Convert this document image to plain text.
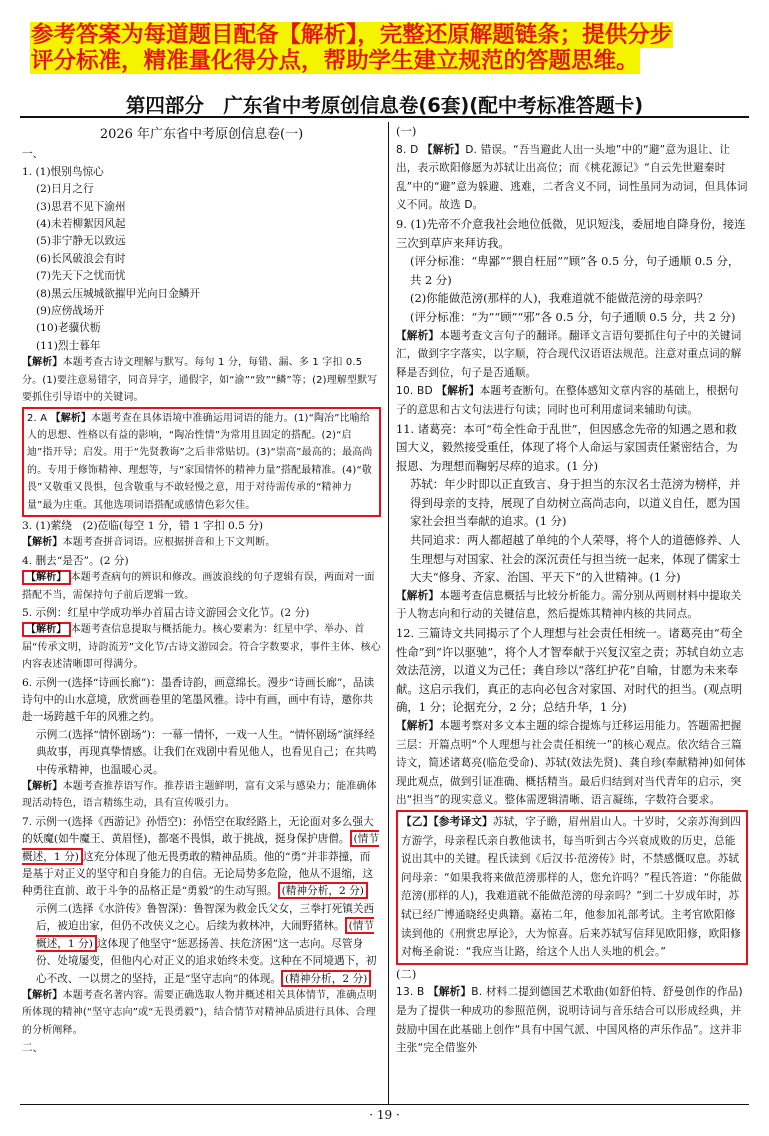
参考答案为每道题目配备【解析】，完整还原解题链条；提供分步
评分标准，精准量化得分点，帮助学生建立规范的答题思维。
第四部分　广东省中考原创信息卷(6套)(配中考标准答题卡)
2026 年广东省中考原创信息卷(一)

一、

1. (1)恨别鸟惊心

(2)日月之行

(3)思君不见下渝州

(4)未若柳絮因风起

(5)非宁静无以致远

(6)长风破浪会有时

(7)先天下之忧而忧

(8)黑云压城城欲摧甲光向日金鳞开

(9)应傍战场开

(10)老骥伏枥

(11)烈士暮年

【解析】本题考查古诗文理解与默写。每句 1 分，每错、漏、多 1 字扣 0.5 分。(1)要注意易错字，同音异字，通假字，如“渝”“致”“鳞”等；(2)理解型默写要抓住引导语中的关键词。

2. A 【解析】本题考查在具体语境中准确运用词语的能力。(1)“陶冶”比喻给人的思想、性格以有益的影响，“陶冶性情”为常用且固定的搭配。(2)“启迪”指开导；启发。用于“先贤教诲”之后非常贴切。(3)“崇高”最高的；最高尚的。专用于修饰精神、理想等，与“家国情怀的精神力量”搭配最精准。(4)“敬畏”又敬重又畏惧，包含敬重与不敢轻慢之意，用于对待需传承的“精神力量”最为庄重。其他选项词语搭配或感情色彩欠佳。

3. (1)萦绕　(2)莅临(每空 1 分，错 1 字扣 0.5 分)

【解析】本题考查拼音词语。应根据拼音和上下文判断。

4. 删去“是否”。(2 分)

【解析】 本题考查病句的辨识和修改。画波浪线的句子逻辑有误，两面对一面搭配不当，需保持句子前后逻辑一致。

5. 示例：红星中学成功举办首届古诗文游园会文化节。(2 分)

【解析】 本题考查信息提取与概括能力。核心要素为：红星中学、举办、首届“传承文明，诗韵流芳”文化节/古诗文游园会。符合字数要求，事件主体、核心内容表述清晰即可得满分。

6. 示例一(选择“诗画长廊”)：墨香诗韵，画意绵长。漫步“诗画长廊”，品读诗句中的山水意境，欣赏画卷里的笔墨风雅。诗中有画，画中有诗，邀你共赴一场跨越千年的风雅之约。

示例二(选择“情怀剧场”)：一幕一情怀，一戏一人生。“情怀剧场”演绎经典故事，再现真挚情感。让我们在戏剧中看见他人，也看见自己；在共鸣中传承精神，也温暖心灵。

【解析】本题考查推荐语写作。推荐语主题鲜明，富有文采与感染力；能准确体现活动特色，语言精练生动，具有宣传吸引力。

7. 示例一(选择《西游记》孙悟空)：孙悟空在取经路上，无论面对多么强大的妖魔(如牛魔王、黄眉怪)，都毫不畏惧，敢于挑战，挺身保护唐僧。 (情节概述，1 分) 这充分体现了他无畏勇敢的精神品质。他的“勇”并非莽撞，而是基于对正义的坚守和自身能力的自信。无论局势多危险，他从不退缩，这种勇往直前、敢于斗争的品格正是“勇毅”的生动写照。 (精神分析，2 分)

示例二(选择《水浒传》鲁智深)：鲁智深为救金氏父女，三拳打死镇关西后，被迫出家，但仍不改侠义之心。后续为救林冲，大闹野猪林。 (情节概述，1 分) 这体现了他坚守“惩恶扬善、扶危济困”这一志向。尽管身份、处境屡变，但他内心对正义的追求始终未变。这种在不同境遇下，初心不改、一以贯之的坚持，正是“坚守志向”的体现。 (精神分析，2 分)

【解析】本题考查名著内容。需要正确选取人物并概述相关具体情节，准确点明所体现的精神(“坚守志向”或“无畏勇毅”)，结合情节对精神品质进行具体、合理的分析阐释。

二、

(一)

8. D 【解析】D. 错误。“吾当避此人出一头地”中的“避”意为退让、让出，表示欧阳修愿为苏轼让出高位；而《桃花源记》“自云先世避秦时乱”中的“避”意为躲避、逃难，二者含义不同，词性虽同为动词，但具体词义不同。故选 D。

9. (1)先帝不介意我社会地位低微，见识短浅，委屈地自降身份，接连三次到草庐来拜访我。

(评分标准：“卑鄙”“猥自枉屈”“顾”各 0.5 分，句子通顺 0.5 分，共 2 分)

(2)你能做范滂(那样的人)，我难道就不能做范滂的母亲吗？

(评分标准：“为”“顾”“邪”各 0.5 分，句子通顺 0.5 分，共 2 分)

【解析】本题考查文言句子的翻译。翻译文言语句要抓住句子中的关键词汇，做到字字落实，以字顺，符合现代汉语语法规范。注意对重点词的解释是否到位，句子是否通顺。

10. BD 【解析】本题考查断句。在整体感知文章内容的基础上，根据句子的意思和古文句法进行句读；同时也可利用虚词来辅助句读。

11. 诸葛亮：本可“苟全性命于乱世”，但因感念先帝的知遇之恩和救国大义，毅然接受重任，体现了将个人命运与家国责任紧密结合，为报恩、为理想而鞠躬尽瘁的追求。(1 分)

苏轼：年少时即以正直致言、身于担当的东汉名士范滂为榜样，并得到母亲的支持，展现了自幼树立高尚志向，以道义自任，愿为国家社会担当奉献的追求。(1 分)

共同追求：两人都超越了单纯的个人荣辱，将个人的道德修养、人生理想与对国家、社会的深沉责任与担当统一起来，体现了儒家士大夫“修身、齐家、治国、平天下”的入世精神。(1 分)

【解析】本题考查信息概括与比较分析能力。需分别从两则材料中提取关于人物志向和行动的关键信息，然后提炼其精神内核的共同点。

12. 三篇诗文共同揭示了个人理想与社会责任相统一。诸葛亮由“苟全性命”到“许以驱驰”，将个人才智奉献于兴复汉室之责；苏轼自幼立志效法范滂，以道义为己任；龚自珍以“落红护花”自喻，甘愿为未来奉献。这启示我们，真正的志向必包含对家国、对时代的担当。(观点明确，1 分；论据充分，2 分；总结升华，1 分)

【解析】本题考察对多文本主题的综合提炼与迁移运用能力。答题需把握三层：开篇点明“个人理想与社会责任相统一”的核心观点。依次结合三篇诗文，简述诸葛亮(临危受命)、苏轼(效法先贤)、龚自珍(奉献精神)如何体现此观点，做到引证准确、概括精当。最后归结到对当代青年的启示，突出“担当”的现实意义。整体需逻辑清晰、语言凝练，字数符合要求。

【乙】【参考译文】苏轼，字子瞻，眉州眉山人。十岁时，父亲苏洵到四方游学，母亲程氏亲自教他读书，每当听到古今兴衰成败的历史，总能说出其中的关键。程氏读到《后汉书·范滂传》时，不禁感慨叹息。苏轼问母亲：“如果我将来做范滂那样的人，您允许吗？”程氏答道：“你能做范滂(那样的人)，我难道就不能做范滂的母亲吗？”到二十岁成年时，苏轼已经广博通晓经史典籍。嘉祐二年，他参加礼部考试。主考官欧阳修读到他的《刑赏忠厚论》，大为惊喜。后来苏轼写信拜见欧阳修，欧阳修对梅圣俞说：“我应当让路，给这个人出人头地的机会。”

(二)

13. B 【解析】B. 材料二提到德国艺术歌曲(如舒伯特、舒曼创作的作品)是为了提供一种成功的参照范例，说明诗词与音乐结合可以形成经典，并鼓励中国在此基础上创作“具有中国气派、中国风格的声乐作品”。这并非主张“完全借鉴外

· 19 ·
